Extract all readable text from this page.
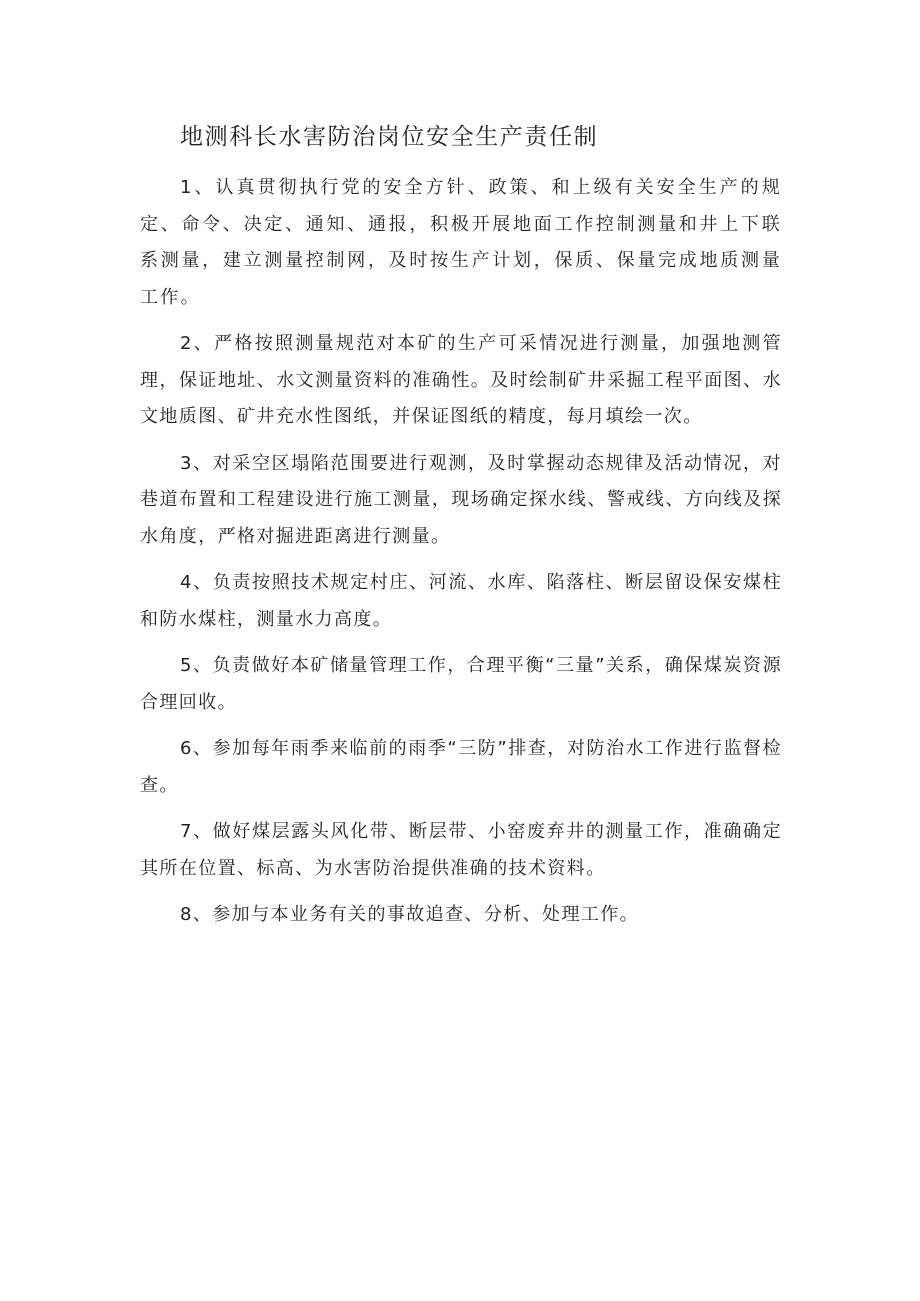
地测科长水害防治岗位安全生产责任制

1、认真贯彻执行党的安全方针、政策、和上级有关安全生产的规定、命令、决定、通知、通报，积极开展地面工作控制测量和井上下联系测量，建立测量控制网，及时按生产计划，保质、保量完成地质测量工作。

2、严格按照测量规范对本矿的生产可采情况进行测量，加强地测管理，保证地址、水文测量资料的准确性。及时绘制矿井采掘工程平面图、水文地质图、矿井充水性图纸，并保证图纸的精度，每月填绘一次。

3、对采空区塌陷范围要进行观测，及时掌握动态规律及活动情况，对巷道布置和工程建设进行施工测量，现场确定探水线、警戒线、方向线及探水角度，严格对掘进距离进行测量。

4、负责按照技术规定村庄、河流、水库、陷落柱、断层留设保安煤柱和防水煤柱，测量水力高度。

5、负责做好本矿储量管理工作，合理平衡“三量”关系，确保煤炭资源合理回收。

6、参加每年雨季来临前的雨季“三防”排查，对防治水工作进行监督检查。

7、做好煤层露头风化带、断层带、小窑废弃井的测量工作，准确确定其所在位置、标高、为水害防治提供准确的技术资料。

8、参加与本业务有关的事故追查、分析、处理工作。
